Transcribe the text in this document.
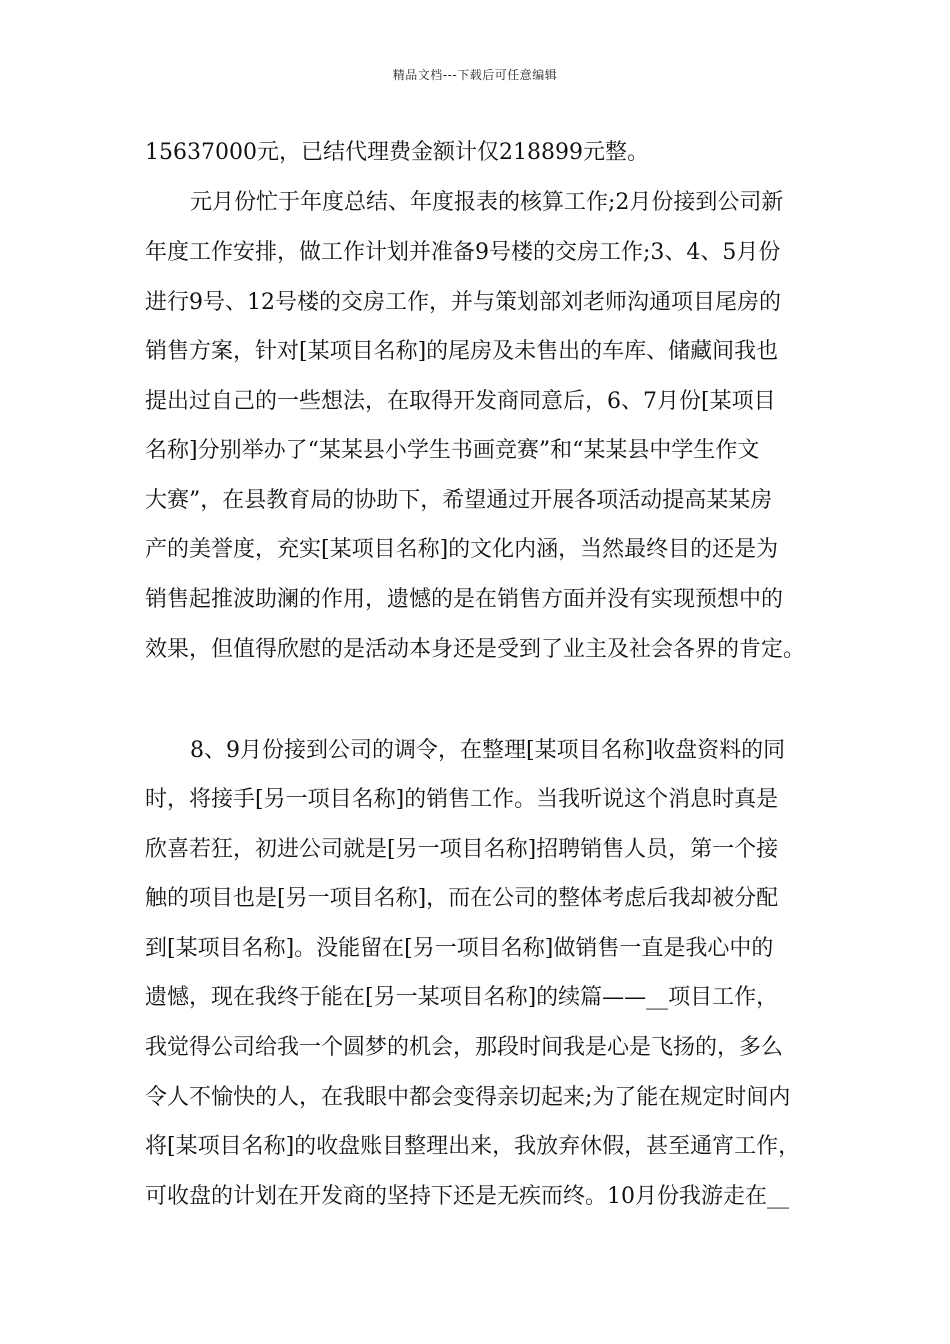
精品文档---下载后可任意编辑
15637000元，已结代理费金额计仅218899元整。
元月份忙于年度总结、年度报表的核算工作;2月份接到公司新
年度工作安排，做工作计划并准备9号楼的交房工作;3、4、5月份
进行9号、12号楼的交房工作，并与策划部刘老师沟通项目尾房的
销售方案，针对[某项目名称]的尾房及未售出的车库、储藏间我也
提出过自己的一些想法，在取得开发商同意后，6、7月份[某项目
名称]分别举办了“某某县小学生书画竞赛”和“某某县中学生作文
大赛”，在县教育局的协助下，希望通过开展各项活动提高某某房
产的美誉度，充实[某项目名称]的文化内涵，当然最终目的还是为
销售起推波助澜的作用，遗憾的是在销售方面并没有实现预想中的
效果，但值得欣慰的是活动本身还是受到了业主及社会各界的肯定。
8、9月份接到公司的调令，在整理[某项目名称]收盘资料的同
时，将接手[另一项目名称]的销售工作。当我听说这个消息时真是
欣喜若狂，初进公司就是[另一项目名称]招聘销售人员，第一个接
触的项目也是[另一项目名称]，而在公司的整体考虑后我却被分配
到[某项目名称]。没能留在[另一项目名称]做销售一直是我心中的
遗憾，现在我终于能在[另一某项目名称]的续篇——__项目工作，
我觉得公司给我一个圆梦的机会，那段时间我是心是飞扬的，多么
令人不愉快的人，在我眼中都会变得亲切起来;为了能在规定时间内
将[某项目名称]的收盘账目整理出来，我放弃休假，甚至通宵工作，
可收盘的计划在开发商的坚持下还是无疾而终。10月份我游走在__
